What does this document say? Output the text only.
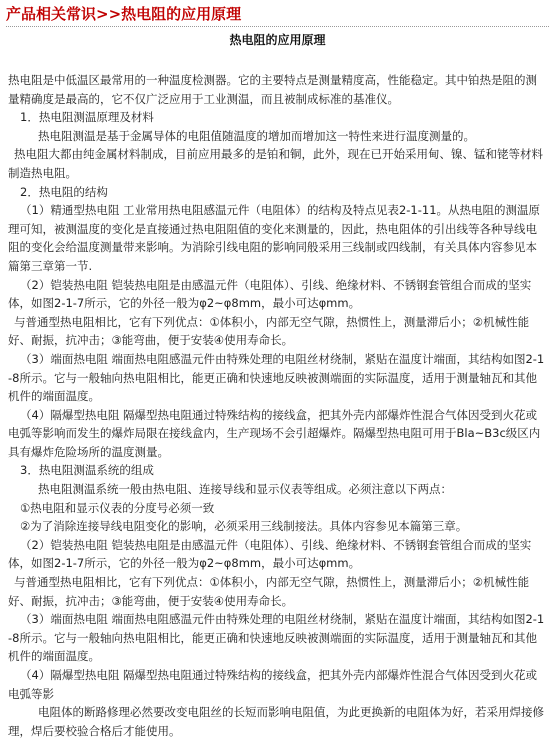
产品相关常识>>热电阻的应用原理
热电阻的应用原理

热电阻是中低温区最常用的一种温度检测器。它的主要特点是测量精度高，性能稳定。其中铂热是阻的测量精确度是最高的，它不仅广泛应用于工业测温，而且被制成标准的基准仪。

1．热电阻测温原理及材料

热电阻测温是基于金属导体的电阻值随温度的增加而增加这一特性来进行温度测量的。

热电阻大都由纯金属材料制成，目前应用最多的是铂和铜，此外，现在已开始采用甸、镍、锰和铑等材料制造热电阻。

2．热电阻的结构

（1）精通型热电阻 工业常用热电阻感温元件（电阻体）的结构及特点见表2-1-11。从热电阻的测温原理可知，被测温度的变化是直接通过热电阻阻值的变化来测量的，因此，热电阻体的引出线等各种导线电阻的变化会给温度测量带来影响。为消除引线电阻的影响同般采用三线制或四线制，有关具体内容参见本篇第三章第一节.

（2）铠装热电阻 铠装热电阻是由感温元件（电阻体）、引线、绝缘材料、不锈钢套管组合而成的坚实体，如图2-1-7所示，它的外径一般为φ2~φ8mm，最小可达φmm。

与普通型热电阻相比，它有下列优点：①体积小，内部无空气隙，热惯性上，测量滞后小；②机械性能好、耐振，抗冲击；③能弯曲，便于安装④使用寿命长。

（3）端面热电阻 端面热电阻感温元件由特殊处理的电阻丝材绕制，紧贴在温度计端面，其结构如图2-1-8所示。它与一般轴向热电阻相比，能更正确和快速地反映被测端面的实际温度，适用于测量轴瓦和其他机件的端面温度。

（4）隔爆型热电阻 隔爆型热电阻通过特殊结构的接线盒，把其外壳内部爆炸性混合气体因受到火花或电弧等影响而发生的爆炸局限在接线盒内，生产现场不会引超爆炸。隔爆型热电阻可用于Bla~B3c级区内具有爆炸危险场所的温度测量。

3．热电阻测温系统的组成

热电阻测温系统一般由热电阻、连接导线和显示仪表等组成。必须注意以下两点：

①热电阻和显示仪表的分度号必须一致

②为了消除连接导线电阻变化的影响，必须采用三线制接法。具体内容参见本篇第三章。

（2）铠装热电阻 铠装热电阻是由感温元件（电阻体）、引线、绝缘材料、不锈钢套管组合而成的坚实体，如图2-1-7所示，它的外径一般为φ2~φ8mm，最小可达φmm。

与普通型热电阻相比，它有下列优点：①体积小，内部无空气隙，热惯性上，测量滞后小；②机械性能好、耐振，抗冲击；③能弯曲，便于安装④使用寿命长。

（3）端面热电阻 端面热电阻感温元件由特殊处理的电阻丝材绕制，紧贴在温度计端面，其结构如图2-1-8所示。它与一般轴向热电阻相比，能更正确和快速地反映被测端面的实际温度，适用于测量轴瓦和其他机件的端面温度。

（4）隔爆型热电阻 隔爆型热电阻通过特殊结构的接线盒，把其外壳内部爆炸性混合气体因受到火花或电弧等影

电阻体的断路修理必然要改变电阻丝的长短而影响电阻值，为此更换新的电阻体为好，若采用焊接修理，焊后要校验合格后才能使用。
